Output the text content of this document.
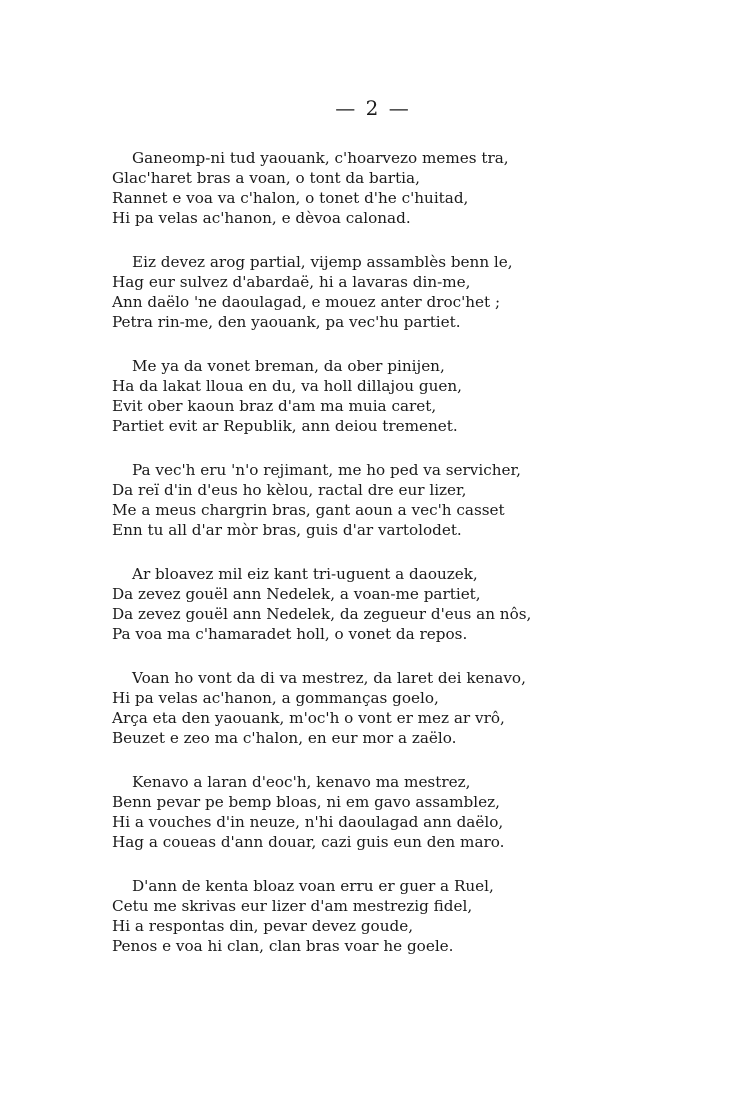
— 2 —
Ganeomp-ni tud yaouank, c'hoarvezo memes tra,
Glac'haret bras a voan, o tont da bartia,
Rannet e voa va c'halon, o tonet d'he c'huitad,
Hi pa velas ac'hanon, e dèvoa calonad.
Eiz devez arog partial, vijemp assamblès benn le,
Hag eur sulvez d'abardaë, hi a lavaras din-me,
Ann daëlo 'ne daoulagad, e mouez anter droc'het ;
Petra rin-me, den yaouank, pa vec'hu partiet.
Me ya da vonet breman, da ober pinijen,
Ha da lakat lloua en du, va holl dillajou guen,
Evit ober kaoun braz d'am ma muia caret,
Partiet evit ar Republik, ann deiou tremenet.
Pa vec'h eru 'n'o rejimant, me ho ped va servicher,
Da reï d'in d'eus ho kèlou, ractal dre eur lizer,
Me a meus chargrin bras, gant aoun a vec'h casset
Enn tu all d'ar mòr bras, guis d'ar vartolodet.
Ar bloavez mil eiz kant tri-uguent a daouzek,
Da zevez gouël ann Nedelek, a voan-me partiet,
Da zevez gouël ann Nedelek, da zegueur d'eus an nôs,
Pa voa ma c'hamaradet holl, o vonet da repos.
Voan ho vont da di va mestrez, da laret dei kenavo,
Hi pa velas ac'hanon, a gommanças goelo,
Arça eta den yaouank, m'oc'h o vont er mez ar vrô,
Beuzet e zeo ma c'halon, en eur mor a zaëlo.
Kenavo a laran d'eoc'h, kenavo ma mestrez,
Benn pevar pe bemp bloas, ni em gavo assamblez,
Hi a vouches d'in neuze, n'hi daoulagad ann daëlo,
Hag a coueas d'ann douar, cazi guis eun den maro.
D'ann de kenta bloaz voan erru er guer a Ruel,
Cetu me skrivas eur lizer d'am mestrezig fidel,
Hi a respontas din, pevar devez goude,
Penos e voa hi clan, clan bras voar he goele.
